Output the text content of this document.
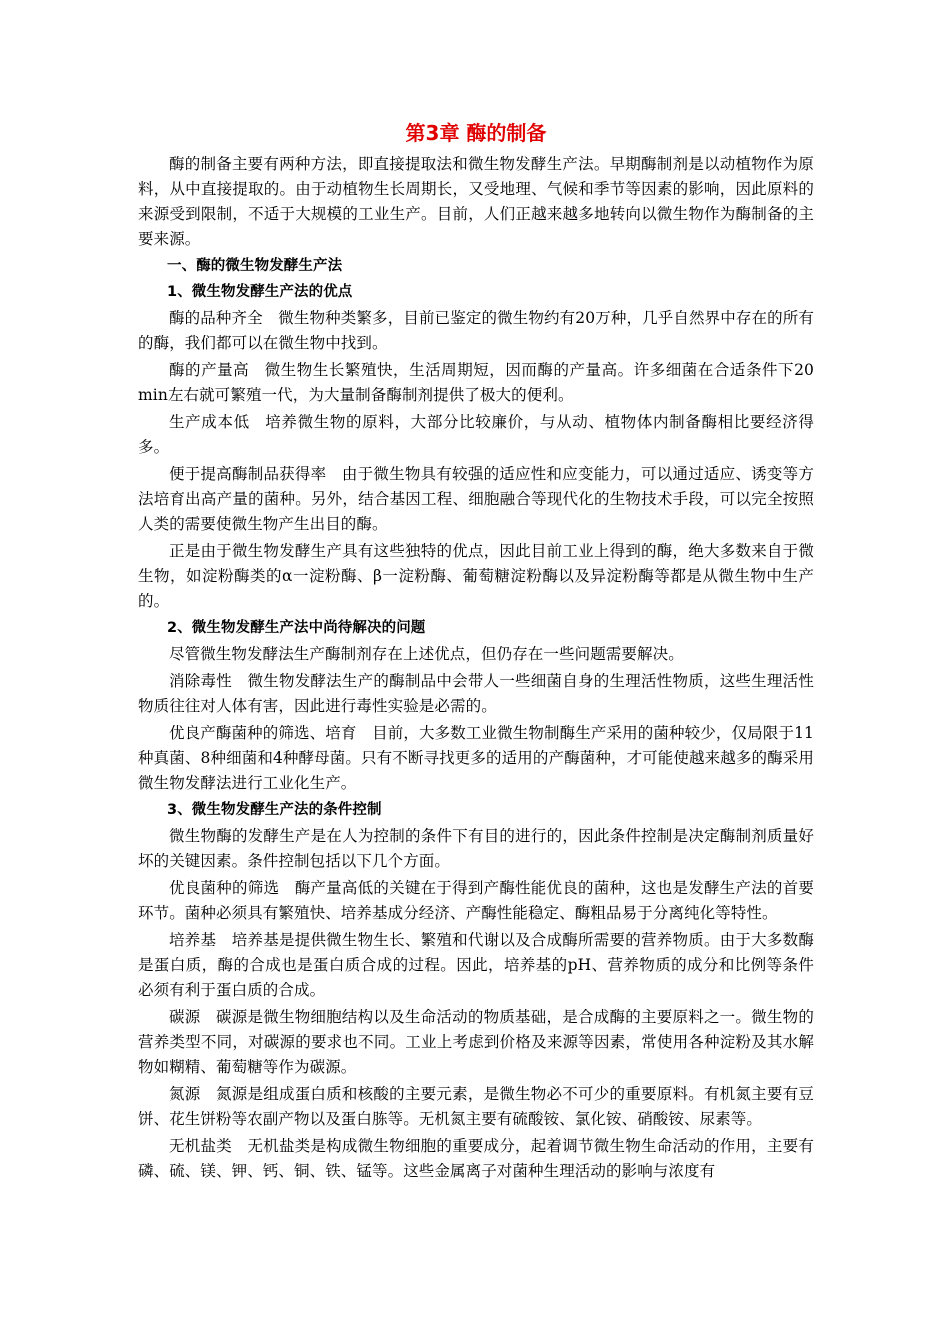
第3章 酶的制备

酶的制备主要有两种方法，即直接提取法和微生物发酵生产法。早期酶制剂是以动植物作为原料，从中直接提取的。由于动植物生长周期长，又受地理、气候和季节等因素的影响，因此原料的来源受到限制，不适于大规模的工业生产。目前，人们正越来越多地转向以微生物作为酶制备的主要来源。

一、酶的微生物发酵生产法

1、微生物发酵生产法的优点

酶的品种齐全 微生物种类繁多，目前已鉴定的微生物约有20万种，几乎自然界中存在的所有的酶，我们都可以在微生物中找到。

酶的产量高 微生物生长繁殖快，生活周期短，因而酶的产量高。许多细菌在合适条件下20 min左右就可繁殖一代，为大量制备酶制剂提供了极大的便利。

生产成本低 培养微生物的原料，大部分比较廉价，与从动、植物体内制备酶相比要经济得多。

便于提高酶制品获得率 由于微生物具有较强的适应性和应变能力，可以通过适应、诱变等方法培育出高产量的菌种。另外，结合基因工程、细胞融合等现代化的生物技术手段，可以完全按照人类的需要使微生物产生出目的酶。

正是由于微生物发酵生产具有这些独特的优点，因此目前工业上得到的酶，绝大多数来自于微生物，如淀粉酶类的α一淀粉酶、β一淀粉酶、葡萄糖淀粉酶以及异淀粉酶等都是从微生物中生产的。

2、微生物发酵生产法中尚待解决的问题

尽管微生物发酵法生产酶制剂存在上述优点，但仍存在一些问题需要解决。

消除毒性 微生物发酵法生产的酶制品中会带人一些细菌自身的生理活性物质，这些生理活性物质往往对人体有害，因此进行毒性实验是必需的。

优良产酶菌种的筛选、培育 目前，大多数工业微生物制酶生产采用的菌种较少，仅局限于11种真菌、8种细菌和4种酵母菌。只有不断寻找更多的适用的产酶菌种，才可能使越来越多的酶采用微生物发酵法进行工业化生产。

3、微生物发酵生产法的条件控制

微生物酶的发酵生产是在人为控制的条件下有目的进行的，因此条件控制是决定酶制剂质量好坏的关键因素。条件控制包括以下几个方面。

优良菌种的筛选 酶产量高低的关键在于得到产酶性能优良的菌种，这也是发酵生产法的首要环节。菌种必须具有繁殖快、培养基成分经济、产酶性能稳定、酶粗品易于分离纯化等特性。

培养基 培养基是提供微生物生长、繁殖和代谢以及合成酶所需要的营养物质。由于大多数酶是蛋白质，酶的合成也是蛋白质合成的过程。因此，培养基的pH、营养物质的成分和比例等条件必须有利于蛋白质的合成。

碳源 碳源是微生物细胞结构以及生命活动的物质基础，是合成酶的主要原料之一。微生物的营养类型不同，对碳源的要求也不同。工业上考虑到价格及来源等因素，常使用各种淀粉及其水解物如糊精、葡萄糖等作为碳源。

氮源 氮源是组成蛋白质和核酸的主要元素，是微生物必不可少的重要原料。有机氮主要有豆饼、花生饼粉等农副产物以及蛋白胨等。无机氮主要有硫酸铵、氯化铵、硝酸铵、尿素等。

无机盐类 无机盐类是构成微生物细胞的重要成分，起着调节微生物生命活动的作用，主要有磷、硫、镁、钾、钙、铜、铁、锰等。这些金属离子对菌种生理活动的影响与浓度有
